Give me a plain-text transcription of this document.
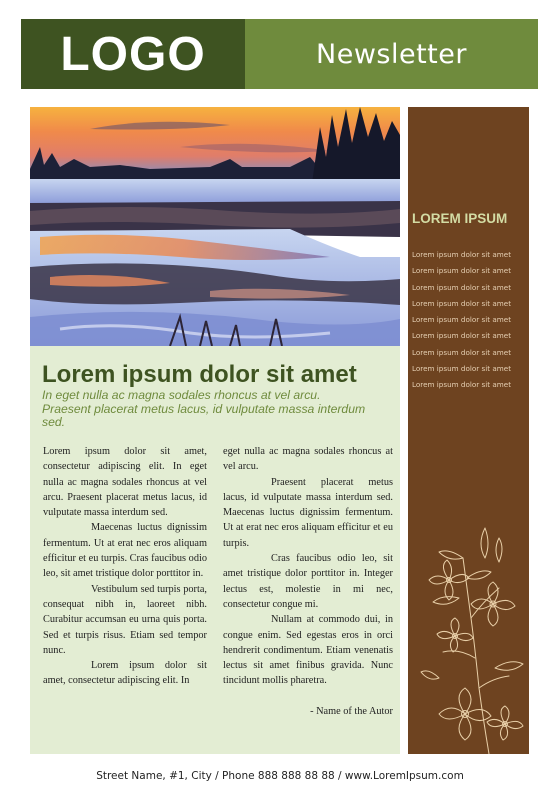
LOGO	Newsletter
Lorem ipsum dolor sit amet

In eget nulla ac magna sodales rhoncus at vel arcu. Praesent placerat metus lacus, id vulputate massa interdum sed.

Lorem ipsum dolor sit amet, consectetur adipiscing elit. In eget nulla ac magna sodales rhoncus at vel arcu. Praesent placerat metus lacus, id vulputate massa interdum sed.

Maecenas luctus dignissim fermentum. Ut at erat nec eros aliquam efficitur et eu turpis. Cras faucibus odio leo, sit amet tristique dolor porttitor in.

Vestibulum sed turpis porta, consequat nibh in, laoreet nibh. Curabitur accumsan eu urna quis porta. Sed et turpis risus. Etiam sed tempor nunc.

Lorem ipsum dolor sit amet, consectetur adipiscing elit. In

eget nulla ac magna sodales rhoncus at vel arcu.

Praesent placerat metus lacus, id vulputate massa interdum sed. Maecenas luctus dignissim fermentum. Ut at erat nec eros aliquam efficitur et eu turpis.

Cras faucibus odio leo, sit amet tristique dolor porttitor in. Integer lectus est, molestie in mi nec, consectetur congue mi.

Nullam at commodo dui, in congue enim. Sed egestas eros in orci hendrerit condimentum. Etiam venenatis lectus sit amet finibus gravida. Nunc tincidunt mollis pharetra.

- Name of the Autor

LOREM IPSUM
Lorem ipsum dolor sit amet
Lorem ipsum dolor sit amet
Lorem ipsum dolor sit amet
Lorem ipsum dolor sit amet
Lorem ipsum dolor sit amet
Lorem ipsum dolor sit amet
Lorem ipsum dolor sit amet
Lorem ipsum dolor sit amet
Lorem ipsum dolor sit amet
Street Name, #1, City / Phone 888 888 88 88 / www.LoremIpsum.com
